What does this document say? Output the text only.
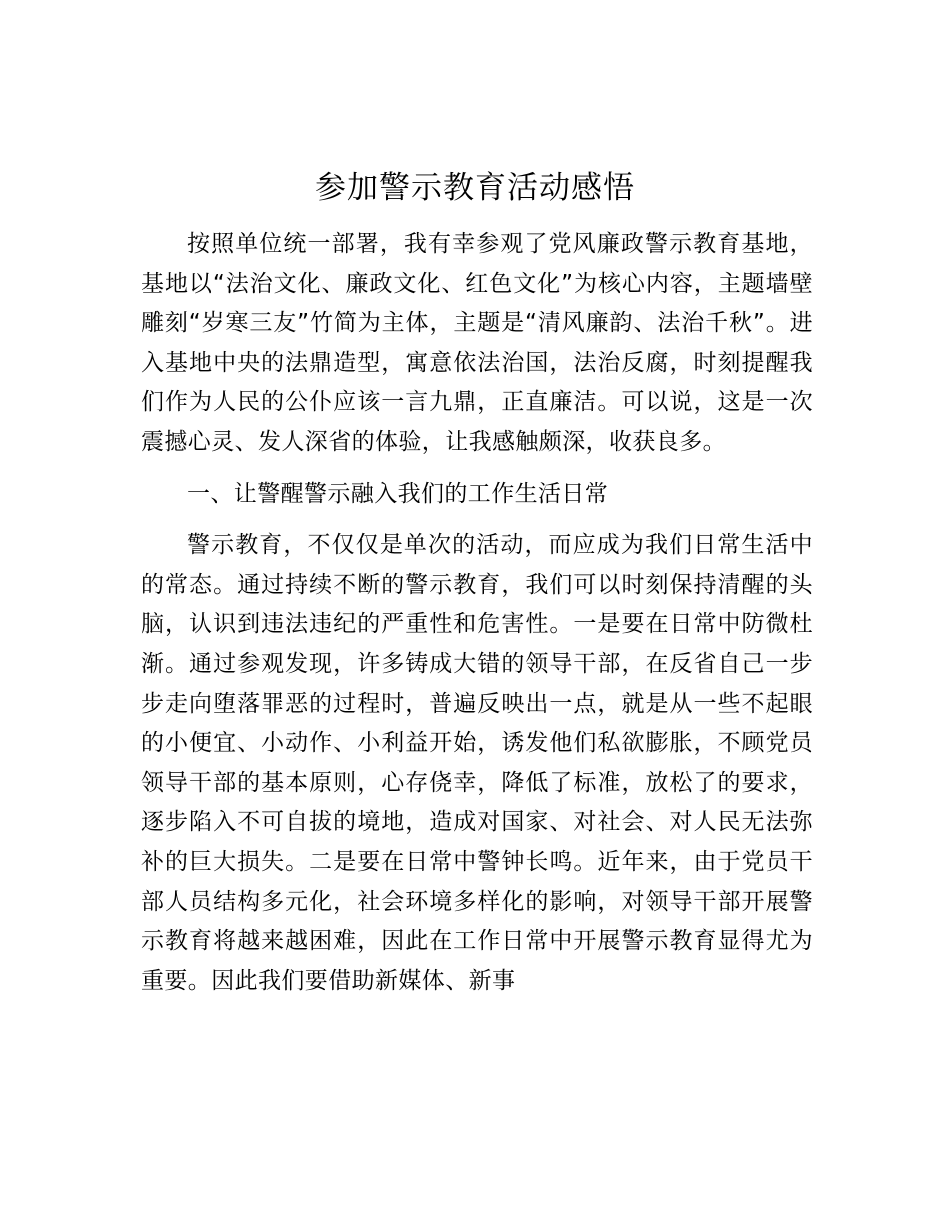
参加警示教育活动感悟

按照单位统一部署，我有幸参观了党风廉政警示教育基地，基地以“法治文化、廉政文化、红色文化”为核心内容，主题墙壁雕刻“岁寒三友”竹简为主体，主题是“清风廉韵、法治千秋”。进入基地中央的法鼎造型，寓意依法治国，法治反腐，时刻提醒我们作为人民的公仆应该一言九鼎，正直廉洁。可以说，这是一次震撼心灵、发人深省的体验，让我感触颇深，收获良多。

一、让警醒警示融入我们的工作生活日常

警示教育，不仅仅是单次的活动，而应成为我们日常生活中的常态。通过持续不断的警示教育，我们可以时刻保持清醒的头脑，认识到违法违纪的严重性和危害性。一是要在日常中防微杜渐。通过参观发现，许多铸成大错的领导干部，在反省自己一步步走向堕落罪恶的过程时，普遍反映出一点，就是从一些不起眼的小便宜、小动作、小利益开始，诱发他们私欲膨胀，不顾党员领导干部的基本原则，心存侥幸，降低了标准，放松了的要求，逐步陷入不可自拔的境地，造成对国家、对社会、对人民无法弥补的巨大损失。二是要在日常中警钟长鸣。近年来，由于党员干部人员结构多元化，社会环境多样化的影响，对领导干部开展警示教育将越来越困难，因此在工作日常中开展警示教育显得尤为重要。因此我们要借助新媒体、新事
